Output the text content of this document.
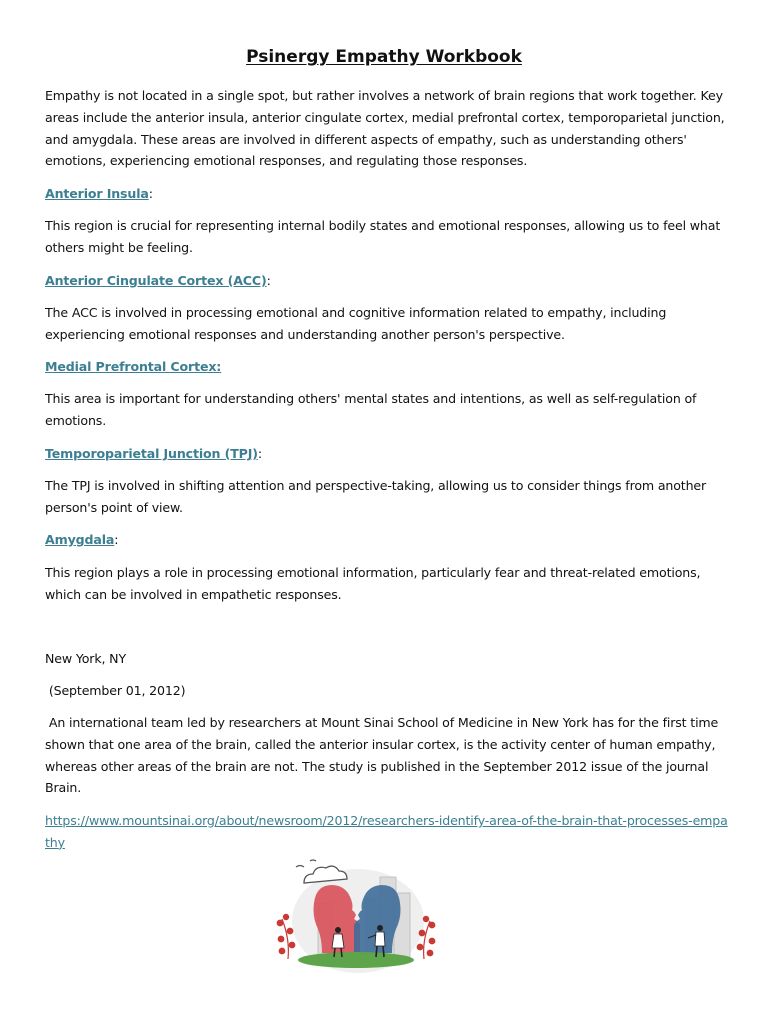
Psinergy Empathy Workbook

Empathy is not located in a single spot, but rather involves a network of brain regions that work together. Key areas include the anterior insula, anterior cingulate cortex, medial prefrontal cortex, temporoparietal junction, and amygdala. These areas are involved in different aspects of empathy, such as understanding others' emotions, experiencing emotional responses, and regulating those responses.

Anterior Insula:

This region is crucial for representing internal bodily states and emotional responses, allowing us to feel what others might be feeling.

Anterior Cingulate Cortex (ACC):

The ACC is involved in processing emotional and cognitive information related to empathy, including experiencing emotional responses and understanding another person's perspective.

Medial Prefrontal Cortex:

This area is important for understanding others' mental states and intentions, as well as self-regulation of emotions.

Temporoparietal Junction (TPJ):

The TPJ is involved in shifting attention and perspective-taking, allowing us to consider things from another person's point of view.

Amygdala:

This region plays a role in processing emotional information, particularly fear and threat-related emotions, which can be involved in empathetic responses.

New York, NY

(September 01, 2012)

An international team led by researchers at Mount Sinai School of Medicine in New York has for the first time shown that one area of the brain, called the anterior insular cortex, is the activity center of human empathy, whereas other areas of the brain are not. The study is published in the September 2012 issue of the journal Brain.

https://www.mountsinai.org/about/newsroom/2012/researchers-identify-area-of-the-brain-that-processes-empathy
